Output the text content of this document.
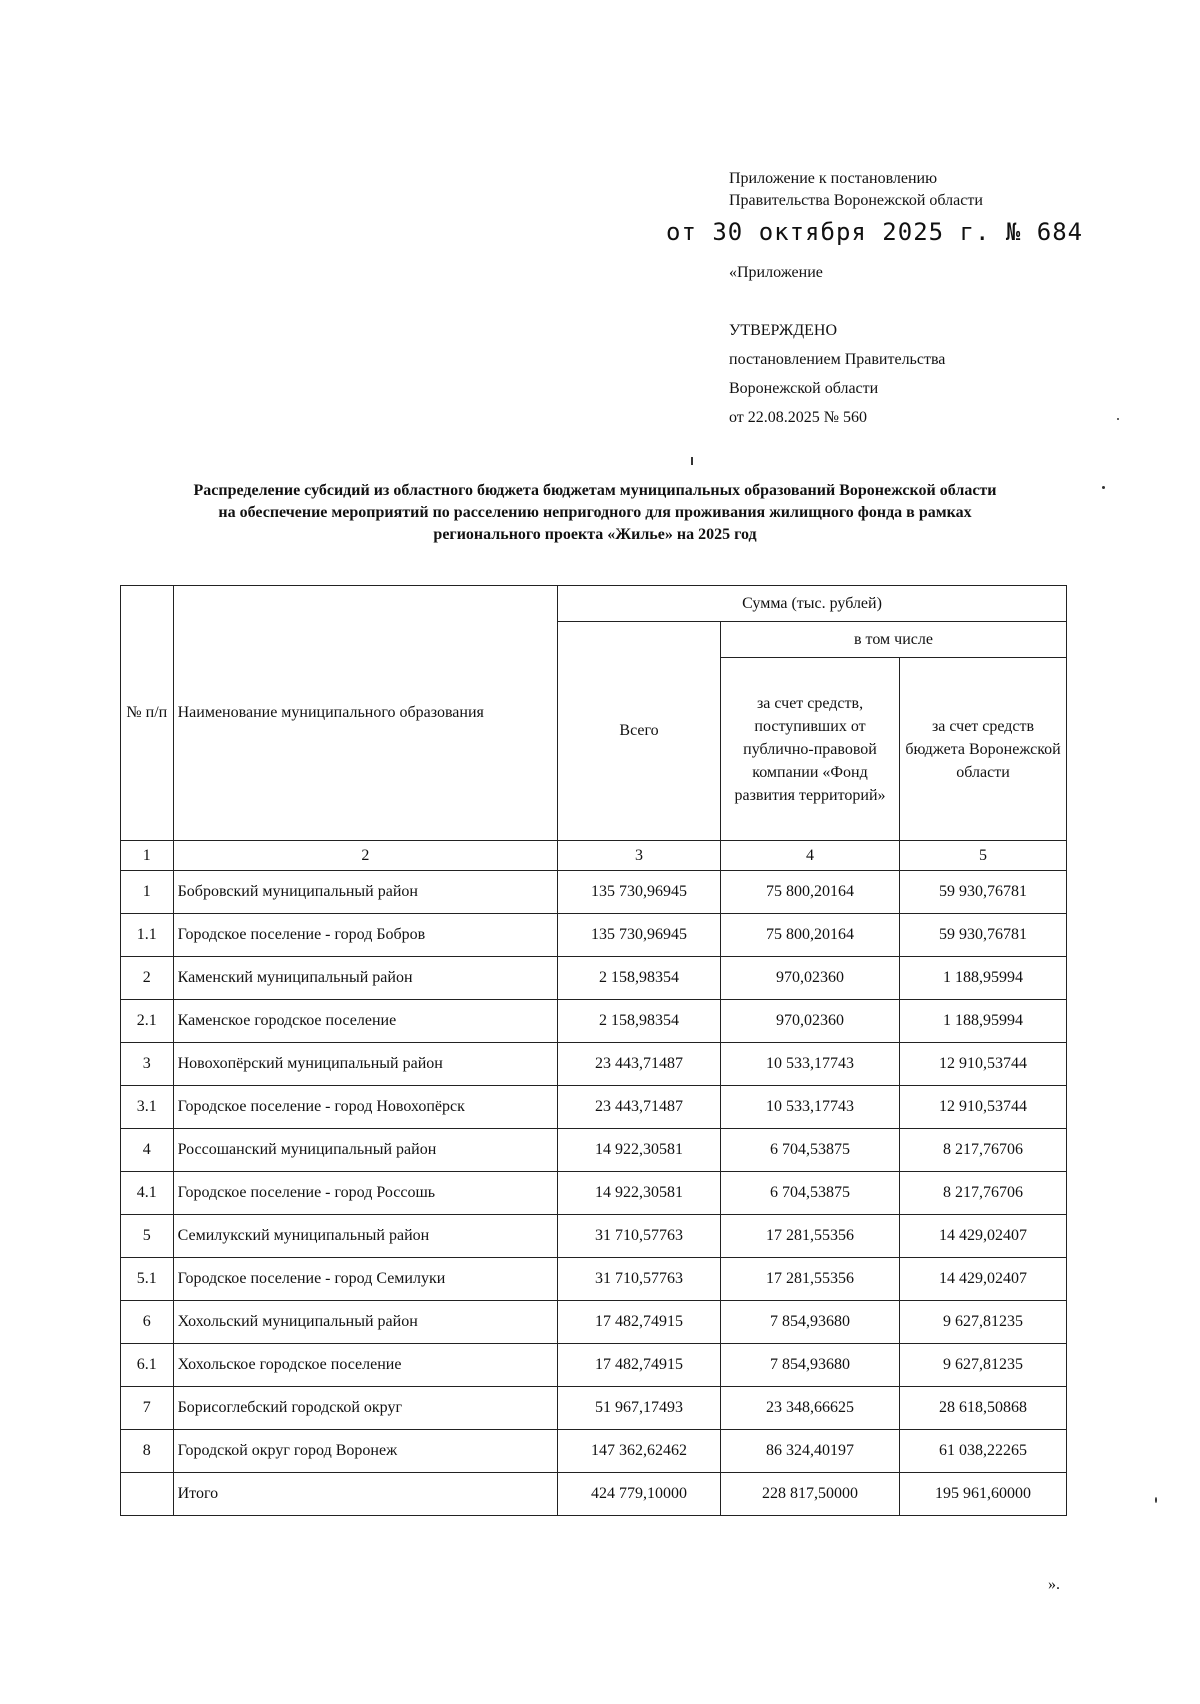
Приложение к постановлению
Правительства Воронежской области
от 30 октября 2025 г. № 684
«Приложение
УТВЕРЖДЕНО
постановлением Правительства
Воронежской области
от 22.08.2025 № 560
Распределение субсидий из областного бюджета бюджетам муниципальных образований Воронежской области
на обеспечение мероприятий по расселению непригодного для проживания жилищного фонда в рамках
регионального проекта «Жилье» на 2025 год
№ п/п	Наименование муниципального образования	Сумма (тыс. рублей)		
		Всего	в том числе	
			за счет средств, поступивших от публично-правовой компании «Фонд развития территорий»	за счет средств бюджета Воронежской области
1	2	3	4	5
1	Бобровский муниципальный район	135 730,96945	75 800,20164	59 930,76781
1.1	Городское поселение - город Бобров	135 730,96945	75 800,20164	59 930,76781
2	Каменский муниципальный район	2 158,98354	970,02360	1 188,95994
2.1	Каменское городское поселение	2 158,98354	970,02360	1 188,95994
3	Новохопёрский муниципальный район	23 443,71487	10 533,17743	12 910,53744
3.1	Городское поселение - город Новохопёрск	23 443,71487	10 533,17743	12 910,53744
4	Россошанский муниципальный район	14 922,30581	6 704,53875	8 217,76706
4.1	Городское поселение - город Россошь	14 922,30581	6 704,53875	8 217,76706
5	Семилукский муниципальный район	31 710,57763	17 281,55356	14 429,02407
5.1	Городское поселение - город Семилуки	31 710,57763	17 281,55356	14 429,02407
6	Хохольский муниципальный район	17 482,74915	7 854,93680	9 627,81235
6.1	Хохольское городское поселение	17 482,74915	7 854,93680	9 627,81235
7	Борисоглебский городской округ	51 967,17493	23 348,66625	28 618,50868
8	Городской округ город Воронеж	147 362,62462	86 324,40197	61 038,22265
	Итого	424 779,10000	228 817,50000	195 961,60000
».
